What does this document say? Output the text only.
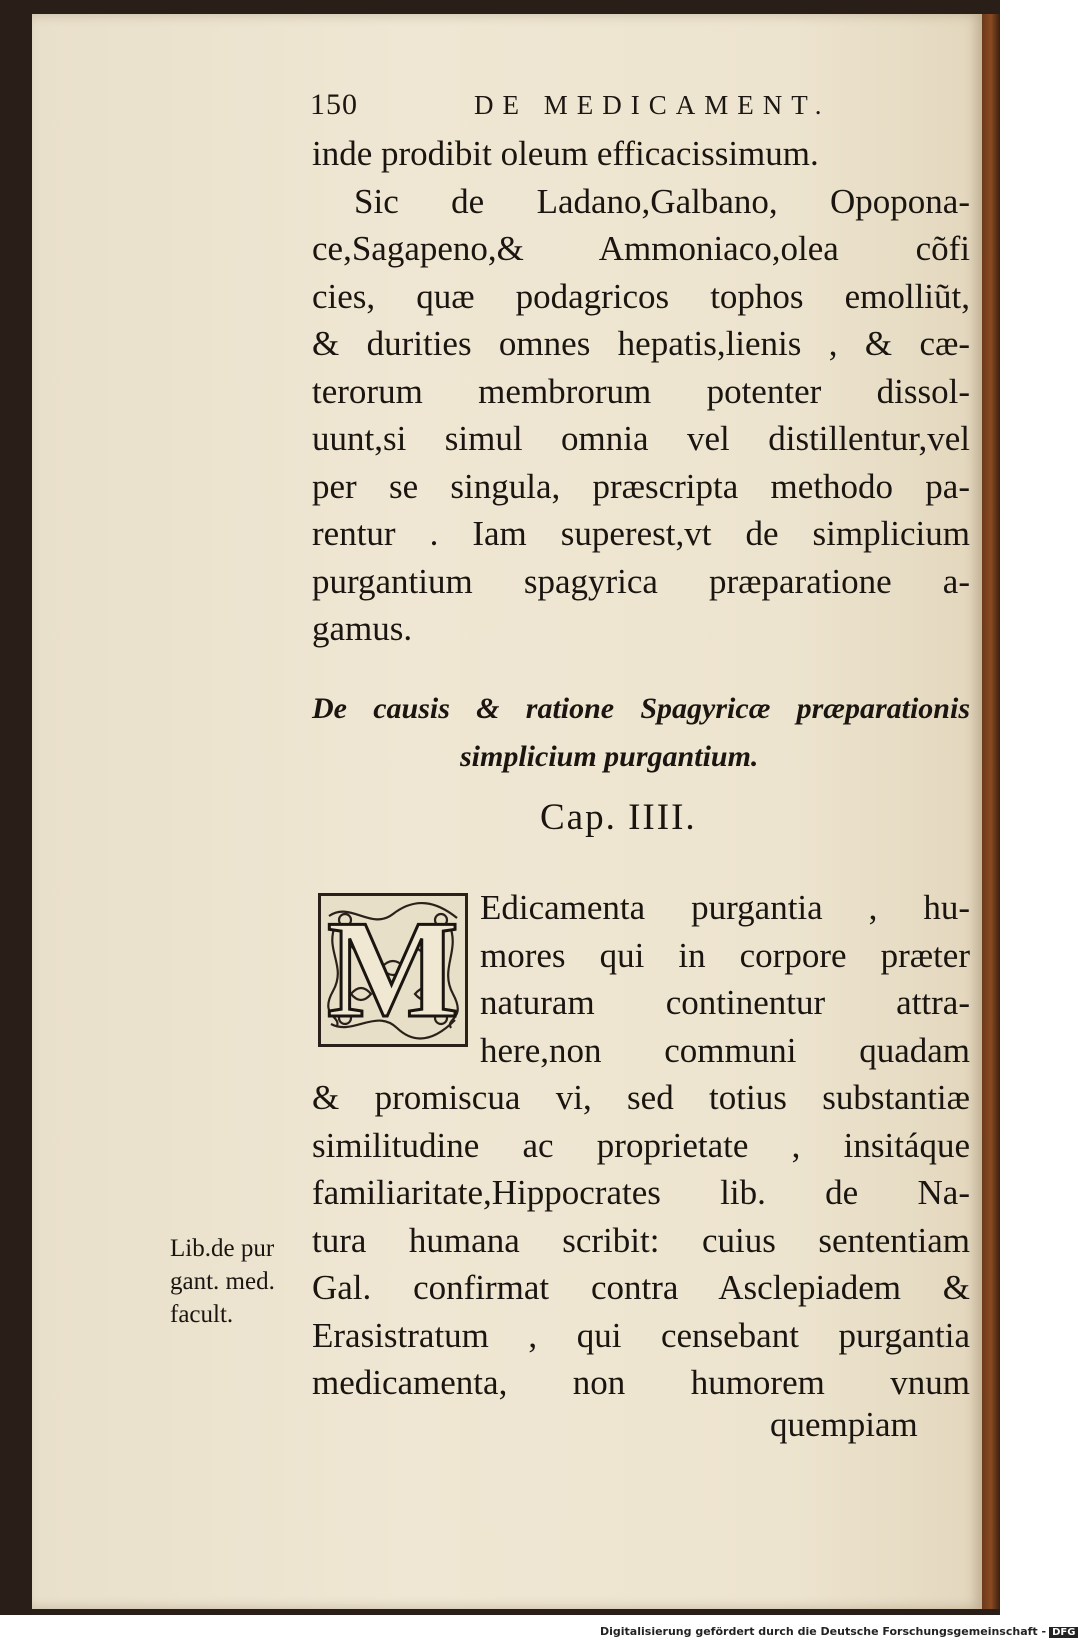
150	DE MEDICAMENT.
inde prodibit oleum efficacissimum.
Sic de Ladano,Galbano, Opoponа-
ce,Sagapeno,& Ammoniaco,olea cõfi
cies, quæ podagricos tophos emolliũt,
& durities omnes hepatis,lienis , & cæ-
terorum membrorum potenter dissol-
uunt,si simul omnia vel distillentur,vel
per se singula, præscripta methodo pa-
rentur . Iam superest,vt de simplicium
purgantium spagyrica præparatione a-
gamus.
De causis & ratione Spagyricæ præparationis
simplicium purgantium.
Cap. IIII.
M Edicamenta purgantia , hu-
mores qui in corpore præter
naturam continentur attra-
here,non communi quadam
& promiscua vi, sed totius substantiæ
similitudine ac proprietate , insitáque
familiaritate,Hippocrates lib. de Na-
tura humana scribit: cuius sententiam
Gal. confirmat contra Asclepiadem &
Erasistratum , qui censebant purgantia
medicamenta, non humorem vnum
quempiam
Lib.de pur
gant. med.
facult.
Digitalisierung gefördert durch die Deutsche Forschungsgemeinschaft - DFG
